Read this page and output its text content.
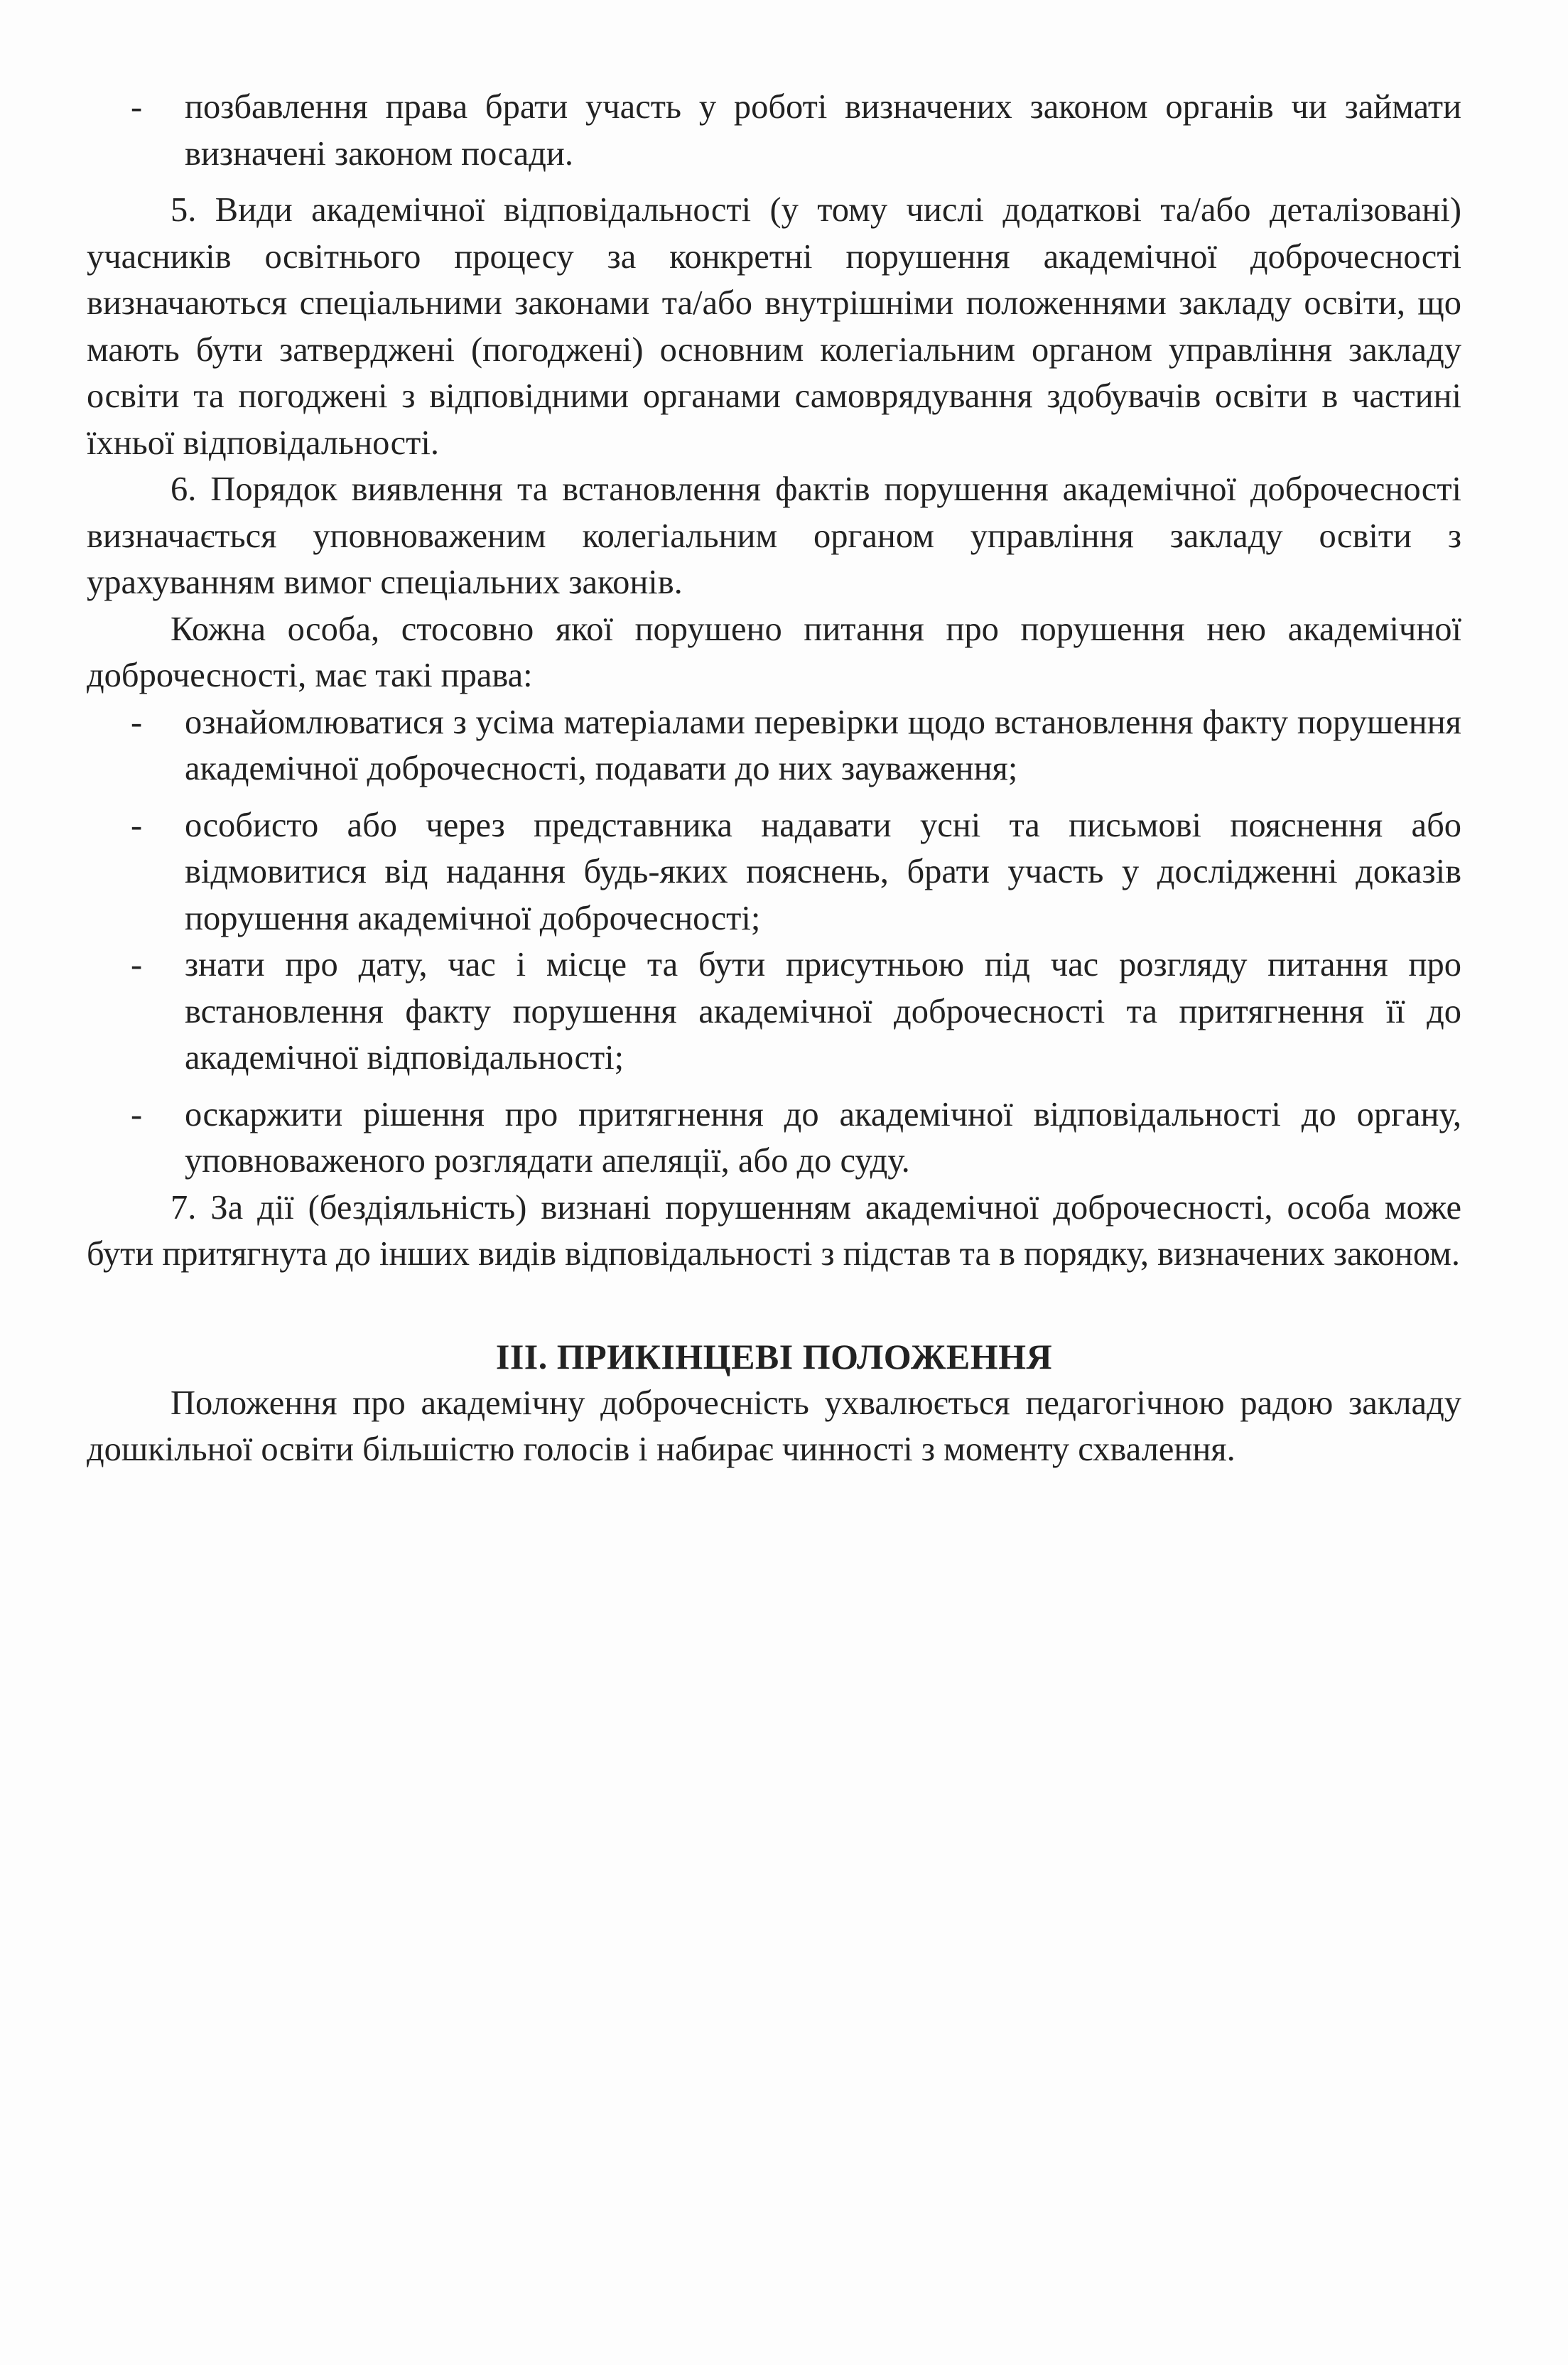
- позбавлення права брати участь у роботі визначених законом органів чи займати визначені законом посади.

5. Види академічної відповідальності (у тому числі додаткові та/або деталізовані) учасників освітнього процесу за конкретні порушення академічної доброчесності визначаються спеціальними законами та/або внутрішніми положеннями закладу освіти, що мають бути затверджені (погоджені) основним колегіальним органом управління закладу освіти та погоджені з відповідними органами самоврядування здобувачів освіти в частині їхньої відповідальності.

6. Порядок виявлення та встановлення фактів порушення академічної доброчесності визначається уповноваженим колегіальним органом управління закладу освіти з урахуванням вимог спеціальних законів.

Кожна особа, стосовно якої порушено питання про порушення нею академічної доброчесності, має такі права:

- ознайомлюватися з усіма матеріалами перевірки щодо встановлення факту порушення академічної доброчесності, подавати до них зауваження;

- особисто або через представника надавати усні та письмові пояснення або відмовитися від надання будь-яких пояснень, брати участь у дослідженні доказів порушення академічної доброчесності;

- знати про дату, час і місце та бути присутньою під час розгляду питання про встановлення факту порушення академічної доброчесності та притягнення її до академічної відповідальності;

- оскаржити рішення про притягнення до академічної відповідальності до органу, уповноваженого розглядати апеляції, або до суду.

7. За дії (бездіяльність) визнані порушенням академічної доброчесності, особа може бути притягнута до інших видів відповідальності з підстав та в порядку, визначених законом.

ІІІ. ПРИКІНЦЕВІ ПОЛОЖЕННЯ

Положення про академічну доброчесність ухвалюється педагогічною радою закладу дошкільної освіти більшістю голосів і набирає чинності з моменту схвалення.
